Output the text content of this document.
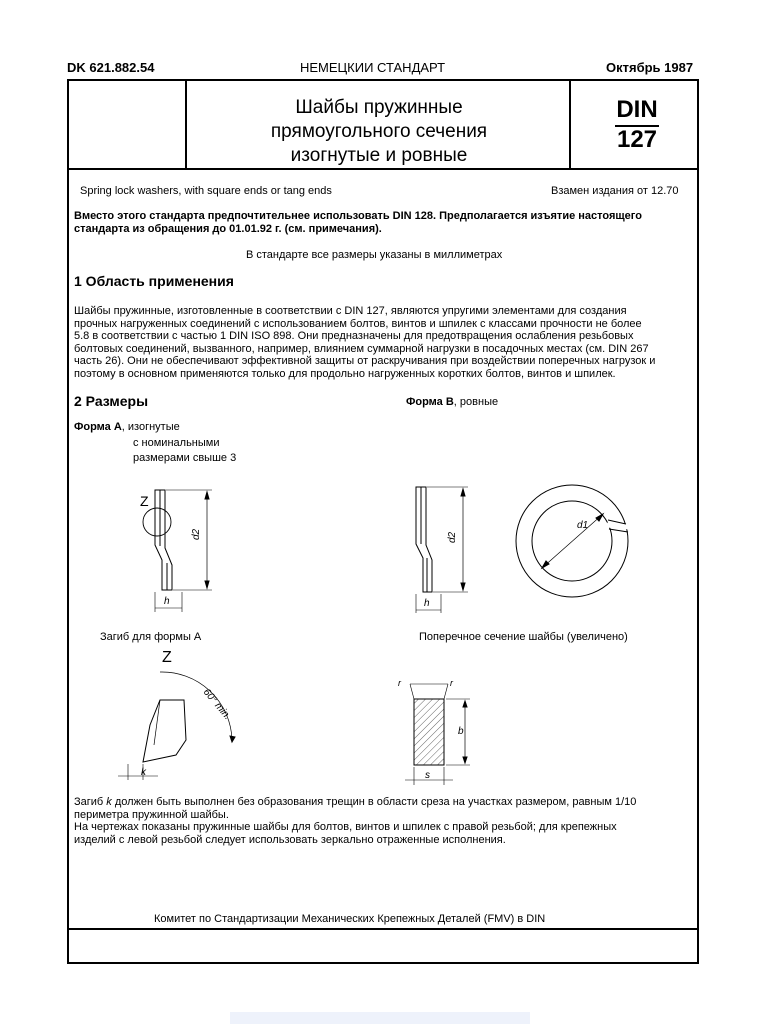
DK 621.882.54	НЕМЕЦКИИ СТАНДАРТ	Октябрь 1987
Шайбы пружинные
прямоугольного сечения
изогнутые и ровные
DIN
127
Spring lock washers, with square ends or tang ends	Взамен издания от 12.70
Вместо этого стандарта предпочтительнее использовать DIN 128. Предполагается изъятие настоящего стандарта из обращения до 01.01.92 г. (см. примечания).
В стандарте все размеры указаны в миллиметрах
1 Область применения
Шайбы пружинные, изготовленные в соответствии с DIN 127, являются упругими элементами для создания
прочных нагруженных соединений с использованием болтов, винтов и шпилек с классами прочности не более
5.8 в соответствии с частью 1 DIN ISO 898. Они предназначены для предотвращения ослабления резьбовых
болтовых соединений, вызванного, например, влиянием суммарной нагрузки в посадочных местах (см. DIN 267
часть 26). Они не обеспечивают эффективной защиты от раскручивания при воздействии поперечных нагрузок и
поэтому в основном применяются только для продольно нагруженных коротких болтов, винтов и шпилек.
2 Размеры	Форма В, ровные
Форма А, изогнутые
с номинальными
размерами свыше 3
Z
d2
h
d2
h
d1
Z
60° min.
k
b
s
r	r
Загиб для формы А	Поперечное сечение шайбы (увеличено)
Загиб k должен быть выполнен без образования трещин в области среза на участках размером, равным 1/10
периметра пружинной шайбы.
На чертежах показаны пружинные шайбы для болтов, винтов и шпилек с правой резьбой; для крепежных
изделий с левой резьбой следует использовать зеркально отраженные исполнения.
Комитет по Стандартизации Механических Крепежных Деталей (FMV) в DIN
